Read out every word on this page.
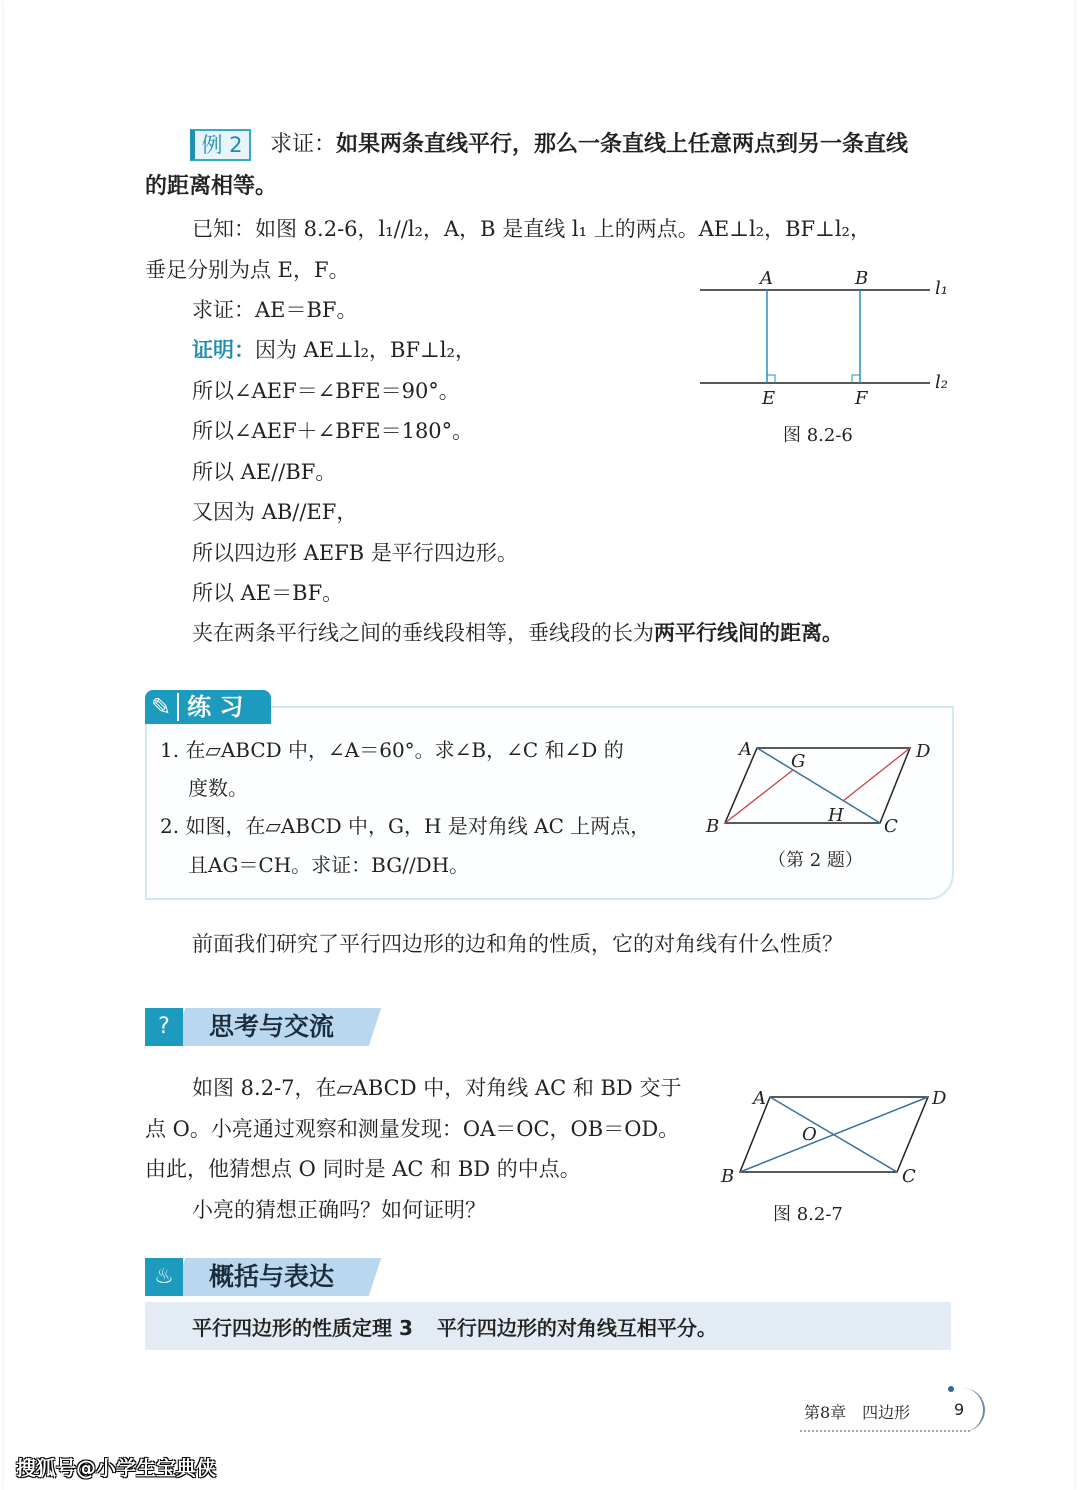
例 2	求证：如果两条直线平行，那么一条直线上任意两点到另一条直线
的距离相等。
已知：如图 8.2-6，l₁//l₂，A，B 是直线 l₁ 上的两点。AE⊥l₂，BF⊥l₂，
垂足分别为点 E，F。
求证：AE＝BF。
证明：因为 AE⊥l₂，BF⊥l₂，
所以∠AEF＝∠BFE＝90°。
所以∠AEF＋∠BFE＝180°。
所以 AE//BF。
又因为 AB//EF，
所以四边形 AEFB 是平行四边形。
所以 AE＝BF。
夹在两条平行线之间的垂线段相等，垂线段的长为两平行线间的距离。
A	B
E	F
l₁
l₂
图 8.2-6
✎ 练 习
1. 在▱ABCD 中，∠A＝60°。求∠B，∠C 和∠D 的
度数。
2. 如图，在▱ABCD 中，G，H 是对角线 AC 上两点，
且AG＝CH。求证：BG//DH。
A	D
B	C
G
H
（第 2 题）
前面我们研究了平行四边形的边和角的性质，它的对角线有什么性质？
?	思考与交流
如图 8.2-7，在▱ABCD 中，对角线 AC 和 BD 交于
点 O。小亮通过观察和测量发现：OA＝OC，OB＝OD。
由此，他猜想点 O 同时是 AC 和 BD 的中点。
小亮的猜想正确吗？如何证明？
A	D
B	C
O
图 8.2-7
♨	概括与表达
平行四边形的性质定理 3 平行四边形的对角线互相平分。
第8章　四边形	9
搜狐号@小学生宝典侠
